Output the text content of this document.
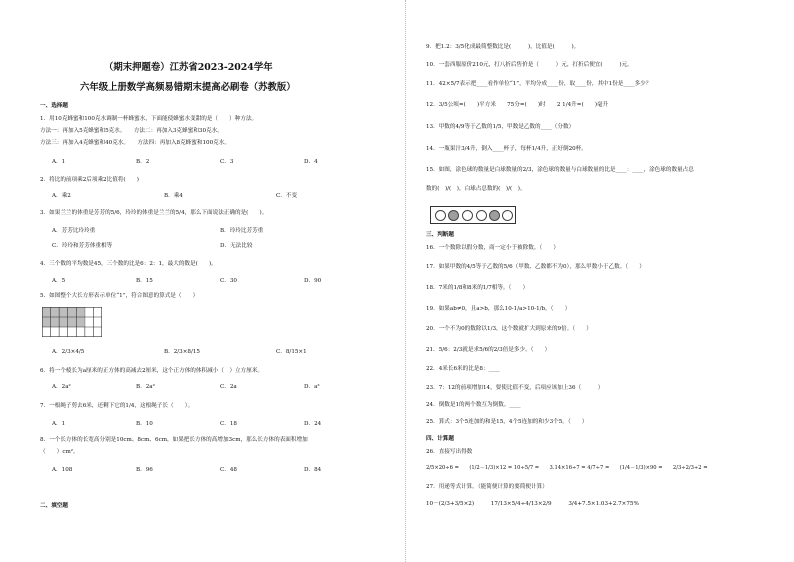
（期末押题卷）江苏省2023-2024学年
六年级上册数学高频易错期末提高必刷卷（苏教版）
一、选择题
1．用10克蜂蜜和100克水调制一杯蜂蜜水，下面能使蜂蜜水变甜的是（　　）种方法。
方法一：再加入5克蜂蜜和5克水。　　方法二：再加入3克蜂蜜和30克水。
方法三：再加入4克蜂蜜和40克水。　　方法四：再加入8克蜂蜜和100克水。
A．1	B．2	C．3	D．4
2．将比的前项乘2后项乘2比值将(　　)
A．乘2	B．乘4	C．不变
3．如果兰兰的体重是芳芳的5/6，玲玲的体重是兰兰的5/4，那么下面说法正确的是(　　)。
A．芳芳比玲玲重	B．玲玲比芳芳重
C．玲玲和芳芳体重相等	D．无法比较
4．三个数的平均数是45，三个数的比是6：2：1，最大的数是(　　)。
A．5	B．15	C．30	D．90
5．如图整个大长方形表示单位“1”，符合图意的算式是（　　）
A．2/3×4/5	B．2/3×8/15	C．8/15×1
6．将一个棱长为a厘米的正方体的高减去2厘米，这个正方体的体积减小（　）立方厘米。
A．2a²	B．2a²	C．2a	D．a²
7．一根绳子剪去6米，还剩下它的1/4，这根绳子长（　　）。
A．1	B．10	C．18	D．24
8．一个长方体的长宽高分别是10cm、8cm、6cm，如果把长方体的高增加3cm，那么长方体的表面积增加
（　　）cm²。
A．108	B．96	C．48	D．84
二、填空题
9．把1.2：3/5化成最简整数比是(　　　)，比值是(　　　)。
10．一套西服原价210元，打八折后售价是（　　　）元，打折后便宜(　　　)元。
11．42×5/7表示把____看作单位“1”，平均分成____份，取____份，其中1份是____多少？
12．3/5公顷=(　　)平方米　　75分=(　　)时　　2 1/4升=(　　)毫升
13．甲数的4/9等于乙数的1/5，甲数是乙数的____（分数）
14．一瓶果汁3/4升，倒入____杯子，每杯1/4升，正好倒20杯。
15．如图，涂色球的数量是白球数量的2/3，涂色球的数量与白球数量的比是____：____，涂色球的数量占总
数的(　)/(　)，白球占总数的(　)/(　)。
三、判断题
16．一个数除以假分数，商一定小于被除数。（　　）
17．如果甲数的4/5等于乙数的5/6（甲数、乙数都不为0），那么甲数小于乙数。（　　）
18．7米的1/8和8米的1/7相等。（　　）
19．如果ab≠0，且a>b，那么10-1/a>10-1/b。（　　）
20．一个不为0的数除以1/3，这个数就扩大到原来的9倍。（　　）
21．5/6：2/3就是求5/6的2/3倍是多少。（　　）
22．4米长6米的比是8：____
23．7：12的前项增加14，要使比值不变，后项应该加上36（　　　）
24．倒数是1的两个数互为倒数。____
25．算式：3个5连加的和是15，4个5连加的和少3个5。（　　）
四、计算题
26．直接写出得数
2/5×20÷6 =　　(1/2－1/3)×12 = 10÷5/7 =　　3.14×16÷7 = 4/7÷7 =　　(1/4－1/3)×90 =　　2/3÷2/3÷2 =
27．用递等式计算。（能简便计算的要简便计算）
10－(2/3+3/5×2)　　　17/13×5/4÷4/13×2/9　　　3/4+7.5×1.03+2.7×75%
